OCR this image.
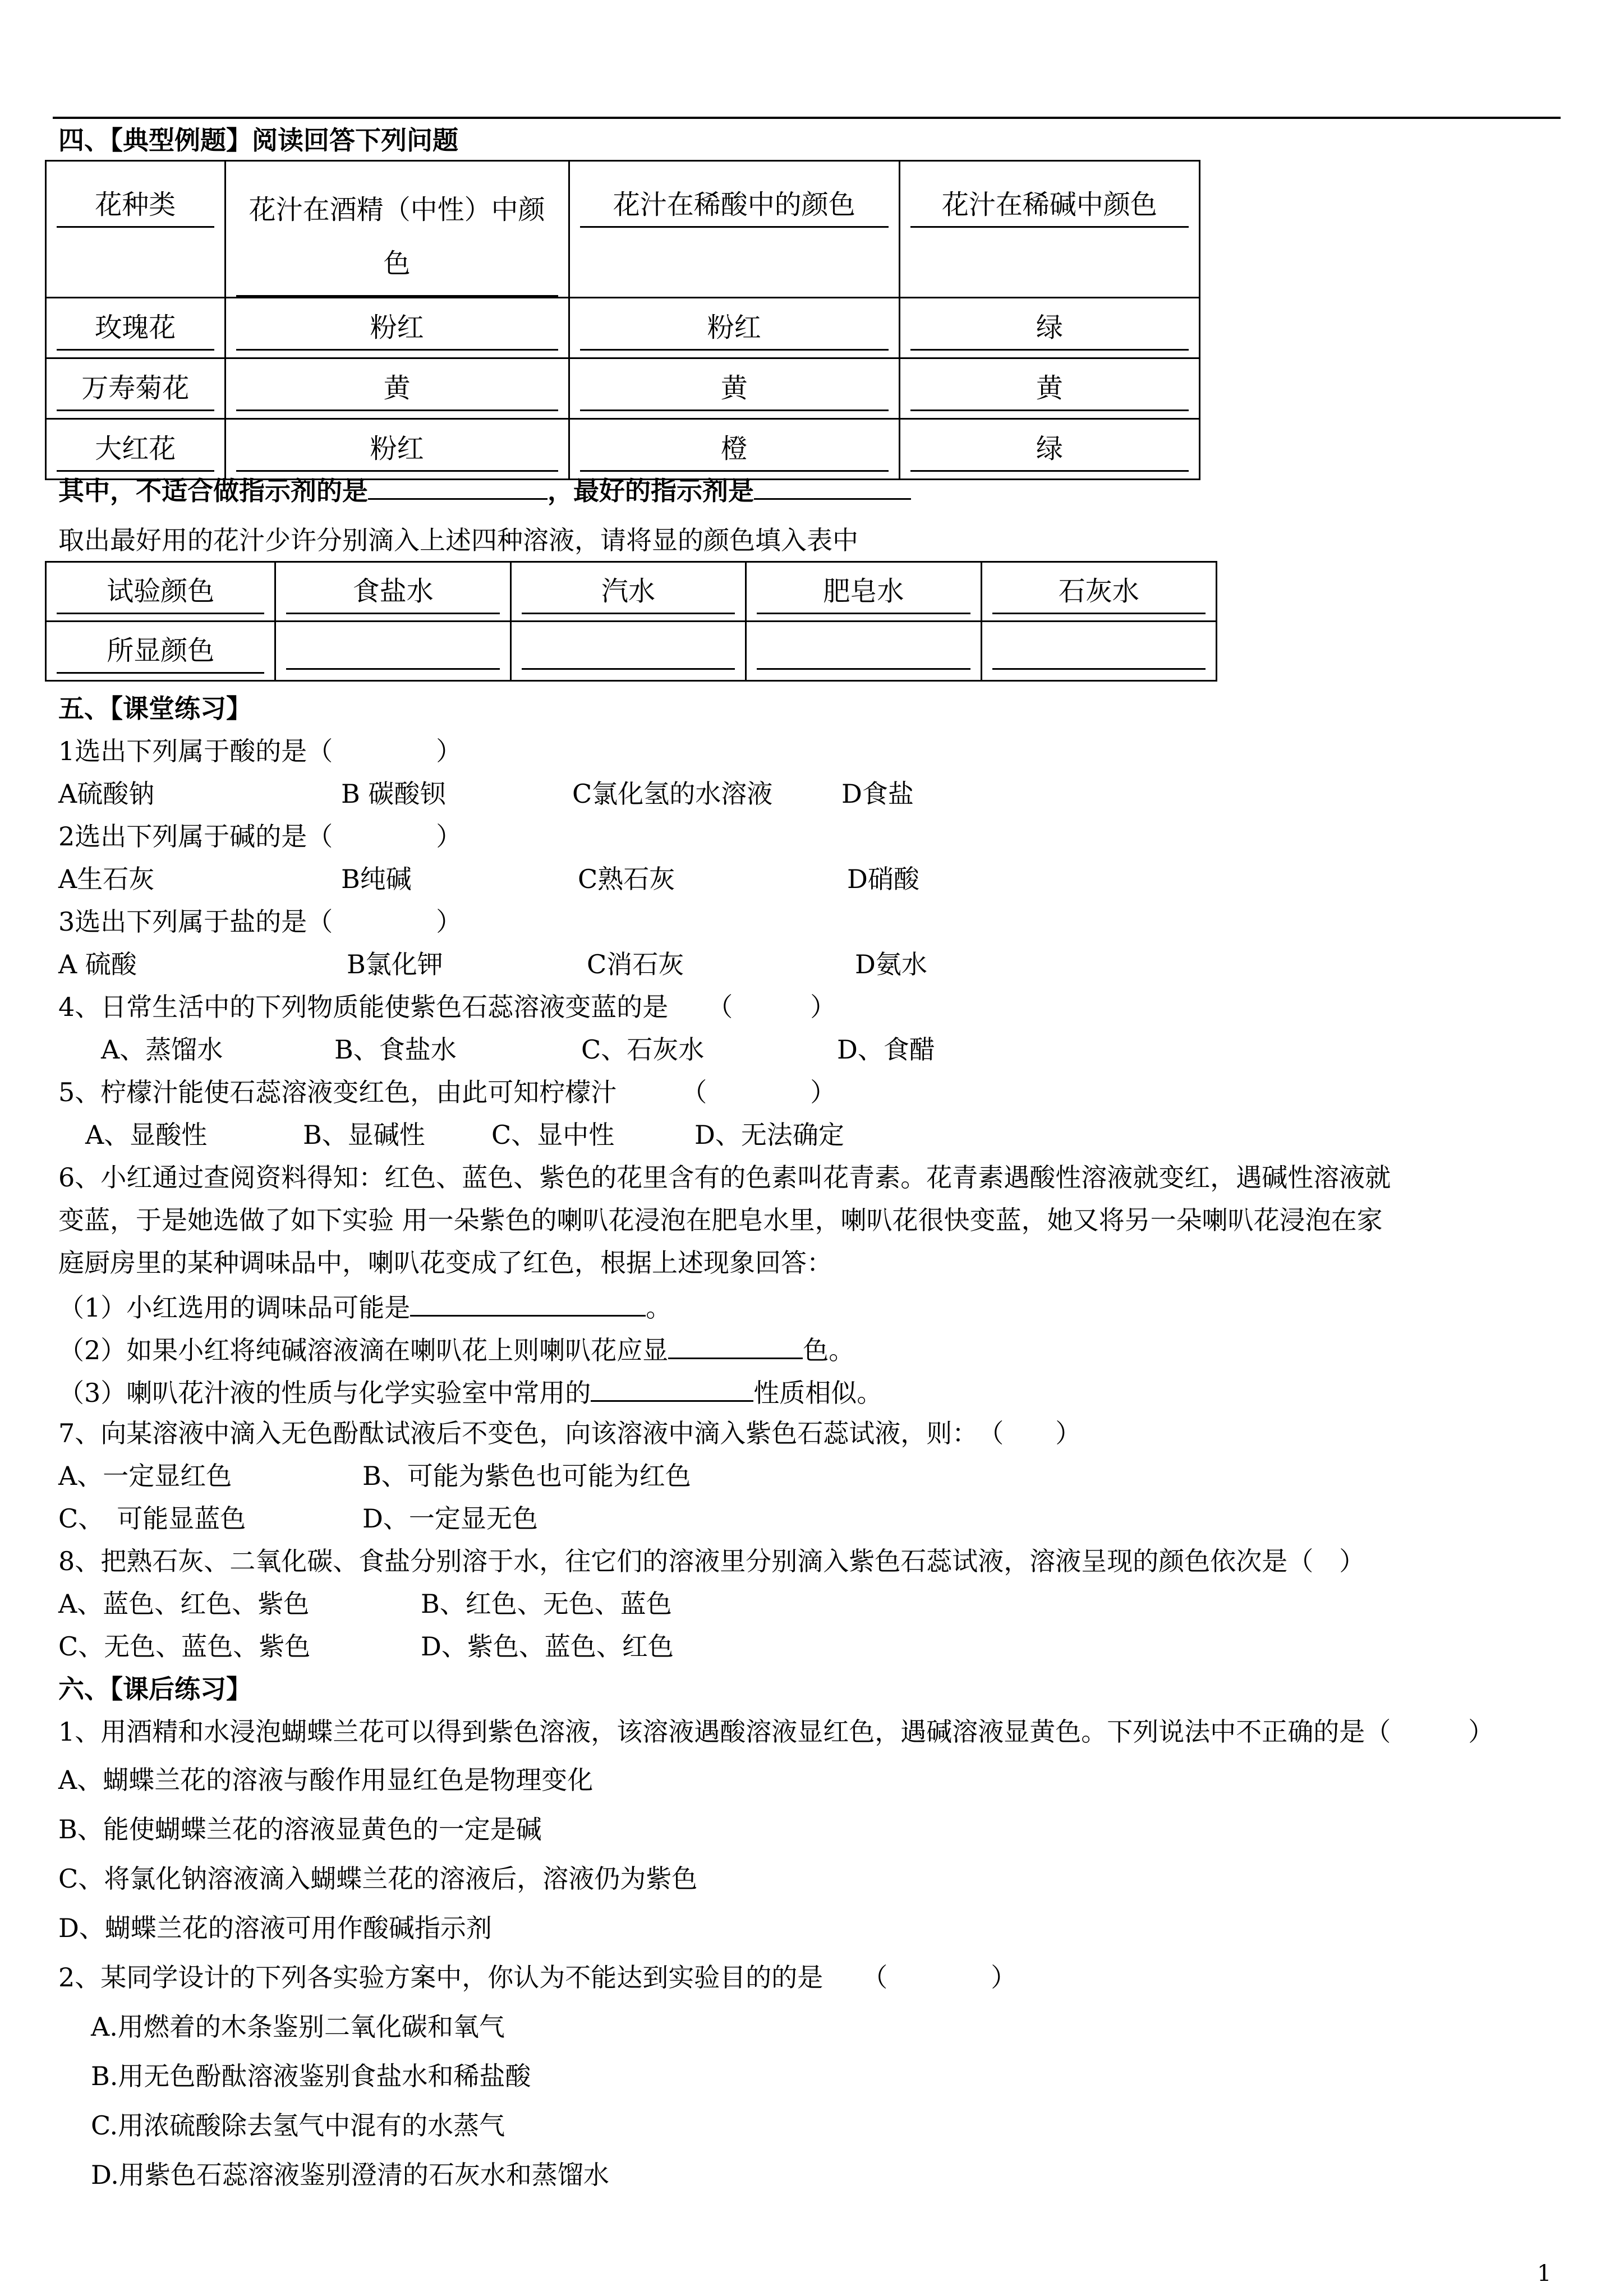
四、【典型例题】阅读回答下列问题
花种类	花汁在酒精（中性）中颜色	花汁在稀酸中的颜色	花汁在稀碱中颜色

玫瑰花	粉红	粉红	绿

万寿菊花	黄	黄	黄

大红花	粉红	橙	绿
其中，不适合做指示剂的是	，最好的指示剂是
取出最好用的花汁少许分别滴入上述四种溶液，请将显的颜色填入表中
试验颜色	食盐水	汽水	肥皂水	石灰水

所显颜色				

五、【课堂练习】
1选出下列属于酸的是（　　　　）
A硫酸钠	B 碳酸钡	C氯化氢的水溶液	D食盐
2选出下列属于碱的是（　　　　）
A生石灰	B纯碱	C熟石灰	D硝酸
3选出下列属于盐的是（　　　　）
A 硫酸	B氯化钾	C消石灰	D氨水
4、日常生活中的下列物质能使紫色石蕊溶液变蓝的是　　（　　　）
A、蒸馏水	B、食盐水	C、石灰水	D、食醋
5、柠檬汁能使石蕊溶液变红色，由此可知柠檬汁　　　（　　　　）
A、显酸性	B、显碱性	C、显中性	D、无法确定
6、小红通过查阅资料得知：红色、蓝色、紫色的花里含有的色素叫花青素。花青素遇酸性溶液就变红，遇碱性溶液就
变蓝，于是她选做了如下实验 用一朵紫色的喇叭花浸泡在肥皂水里，喇叭花很快变蓝，她又将另一朵喇叭花浸泡在家
庭厨房里的某种调味品中，喇叭花变成了红色，根据上述现象回答：
（1）小红选用的调味品可能是	。
（2）如果小红将纯碱溶液滴在喇叭花上则喇叭花应显	色。
（3）喇叭花汁液的性质与化学实验室中常用的	性质相似。
7、向某溶液中滴入无色酚酞试液后不变色，向该溶液中滴入紫色石蕊试液，则：　（　　）
A、一定显红色	B、可能为紫色也可能为红色
C、　可能显蓝色	D、一定显无色
8、把熟石灰、二氧化碳、食盐分别溶于水，往它们的溶液里分别滴入紫色石蕊试液，溶液呈现的颜色依次是（　）
A、蓝色、红色、紫色	B、红色、无色、蓝色
C、无色、蓝色、紫色	D、紫色、蓝色、红色
六、【课后练习】
1、用酒精和水浸泡蝴蝶兰花可以得到紫色溶液，该溶液遇酸溶液显红色，遇碱溶液显黄色。下列说法中不正确的是（　　　）
A、蝴蝶兰花的溶液与酸作用显红色是物理变化
B、能使蝴蝶兰花的溶液显黄色的一定是碱
C、将氯化钠溶液滴入蝴蝶兰花的溶液后，溶液仍为紫色
D、蝴蝶兰花的溶液可用作酸碱指示剂
2、某同学设计的下列各实验方案中，你认为不能达到实验目的的是　　（　　　　）
A.用燃着的木条鉴别二氧化碳和氧气
B.用无色酚酞溶液鉴别食盐水和稀盐酸
C.用浓硫酸除去氢气中混有的水蒸气
D.用紫色石蕊溶液鉴别澄清的石灰水和蒸馏水
1
